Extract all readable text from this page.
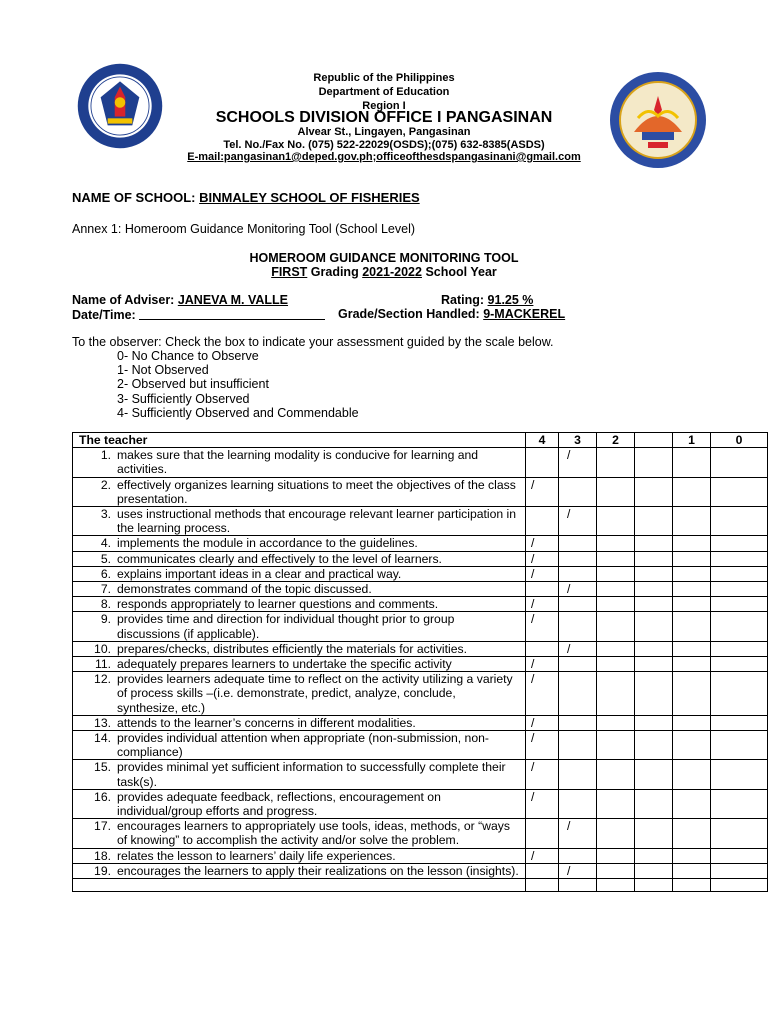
Republic of the Philippines
Department of Education
Region I
SCHOOLS DIVISION OFFICE I PANGASINAN
Alvear St., Lingayen, Pangasinan
Tel. No./Fax No. (075) 522-22029(OSDS);(075) 632-8385(ASDS)
E-mail:pangasinan1@deped.gov.ph;officeofthesdspangasinani@gmail.com
NAME OF SCHOOL: BINMALEY SCHOOL OF FISHERIES
Annex 1: Homeroom Guidance Monitoring Tool (School Level)
HOMEROOM GUIDANCE MONITORING TOOL
FIRST Grading 2021-2022 School Year
Name of Adviser: JANEVA M. VALLE	Rating: 91.25 %
Date/Time:	Grade/Section Handled: 9-MACKEREL
To the observer: Check the box to indicate your assessment guided by the scale below.
0- No Chance to Observe
1- Not Observed
2- Observed but insufficient
3- Sufficiently Observed
4- Sufficiently Observed and Commendable
The teacher	4	3	2		1	0
1. makes sure that the learning modality is conducive for learning and activities.		/				

2. effectively organizes learning situations to meet the objectives of the class presentation.	/					

3. uses instructional methods that encourage relevant learner participation in the learning process.		/				

4. implements the module in accordance to the guidelines.	/					

5. communicates clearly and effectively to the level of learners.	/					

6. explains important ideas in a clear and practical way.	/					

7. demonstrates command of the topic discussed.		/				

8. responds appropriately to learner questions and comments.	/					

9. provides time and direction for individual thought prior to group discussions (if applicable).	/					

10. prepares/checks, distributes efficiently the materials for activities.		/				

11. adequately prepares learners to undertake the specific activity	/					

12. provides learners adequate time to reflect on the activity utilizing a variety of process skills –(i.e. demonstrate, predict, analyze, conclude, synthesize, etc.)	/					

13. attends to the learner’s concerns in different modalities.	/					

14. provides individual attention when appropriate (non-submission, non-compliance)	/					

15. provides minimal yet sufficient information to successfully complete their task(s).	/					

16. provides adequate feedback, reflections, encouragement on individual/group efforts and progress.	/					

17. encourages learners to appropriately use tools, ideas, methods, or “ways of knowing” to accomplish the activity and/or solve the problem.		/				

18. relates the lesson to learners’ daily life experiences.	/					

19. encourages the learners to apply their realizations on the lesson (insights).		/				
